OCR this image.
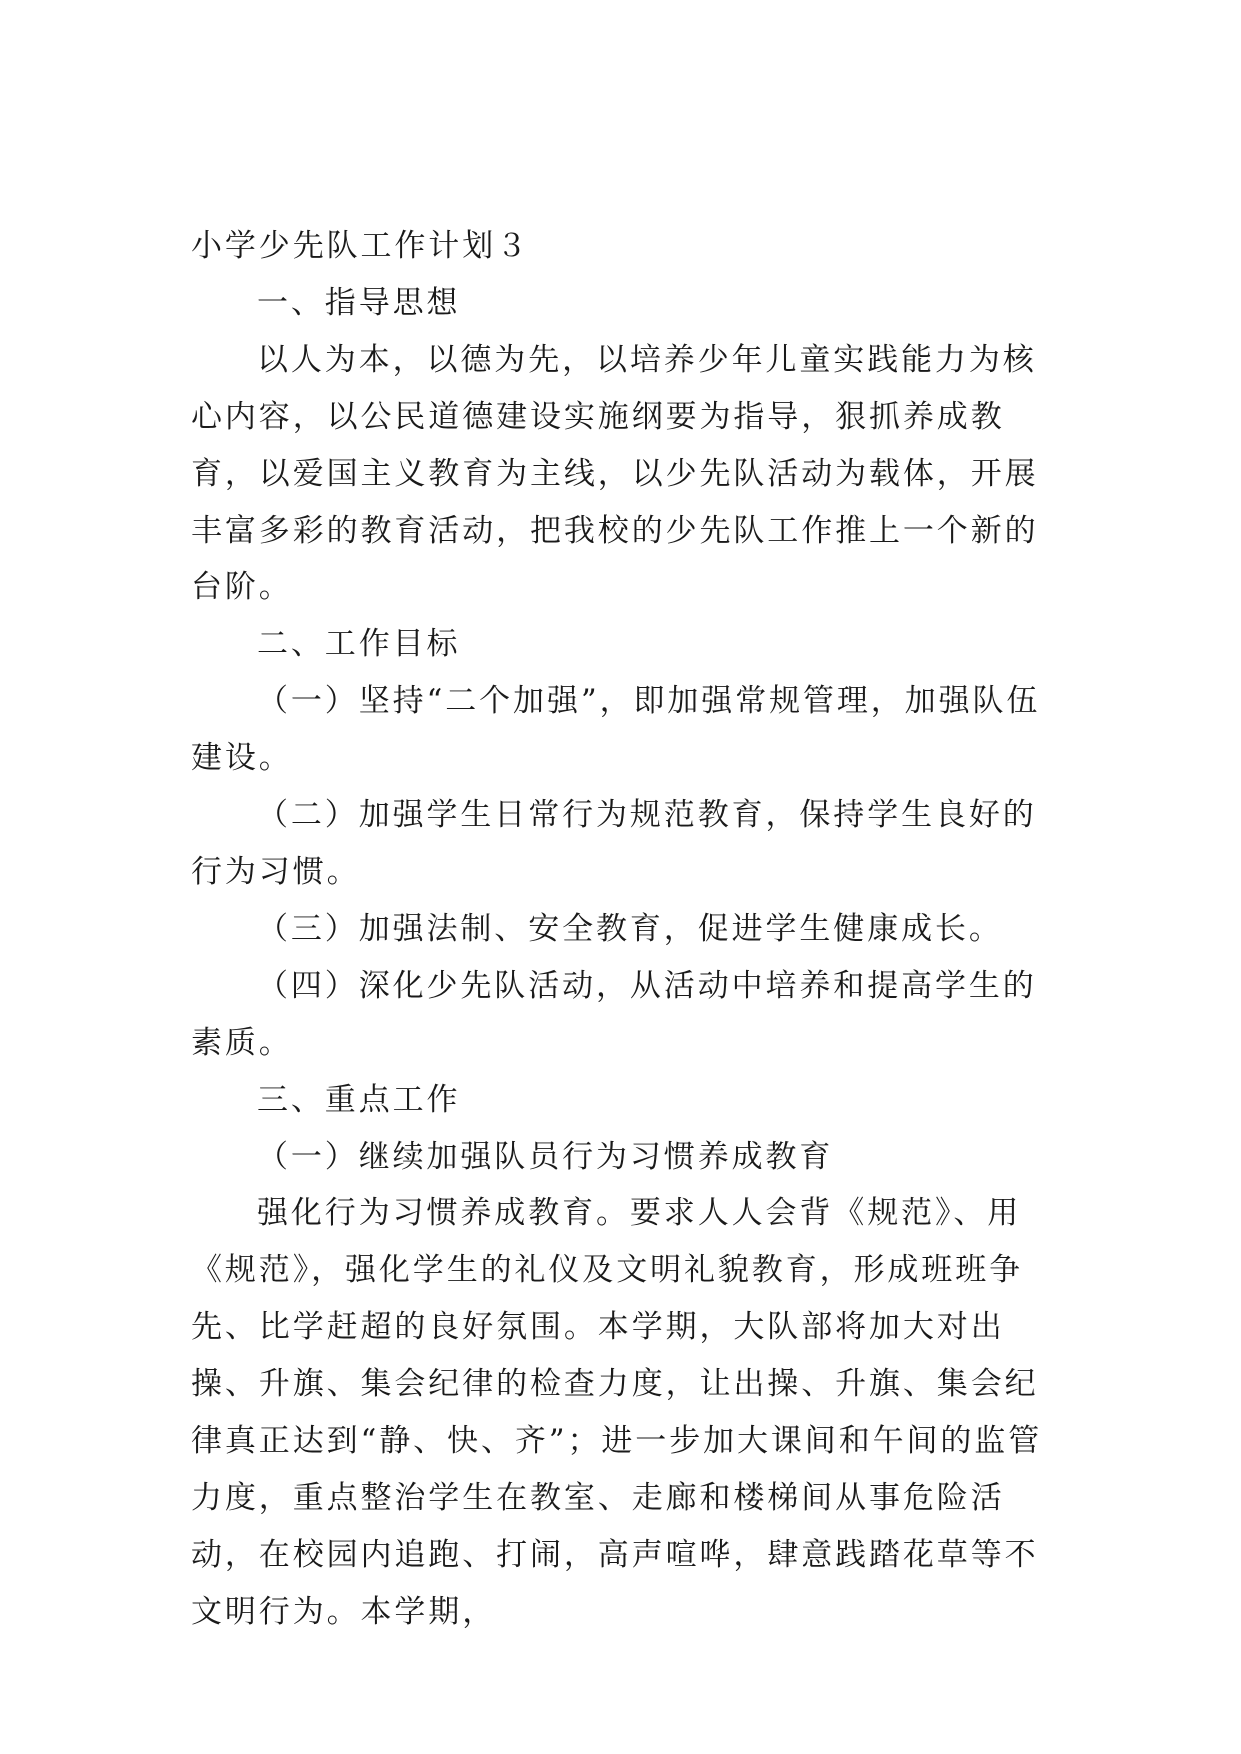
小学少先队工作计划３

一、指导思想

以人为本，以德为先，以培养少年儿童实践能力为核心内容，以公民道德建设实施纲要为指导，狠抓养成教育，以爱国主义教育为主线，以少先队活动为载体，开展丰富多彩的教育活动，把我校的少先队工作推上一个新的台阶。

二、工作目标

（一）坚持“二个加强”，即加强常规管理，加强队伍建设。

（二）加强学生日常行为规范教育，保持学生良好的行为习惯。

（三）加强法制、安全教育，促进学生健康成长。

（四）深化少先队活动，从活动中培养和提高学生的素质。

三、重点工作

（一）继续加强队员行为习惯养成教育

强化行为习惯养成教育。要求人人会背《规范》、用《规范》，强化学生的礼仪及文明礼貌教育，形成班班争先、比学赶超的良好氛围。本学期，大队部将加大对出操、升旗、集会纪律的检查力度，让出操、升旗、集会纪律真正达到“静、快、齐”；进一步加大课间和午间的监管力度，重点整治学生在教室、走廊和楼梯间从事危险活动，在校园内追跑、打闹，高声喧哗，肆意践踏花草等不文明行为。本学期，
